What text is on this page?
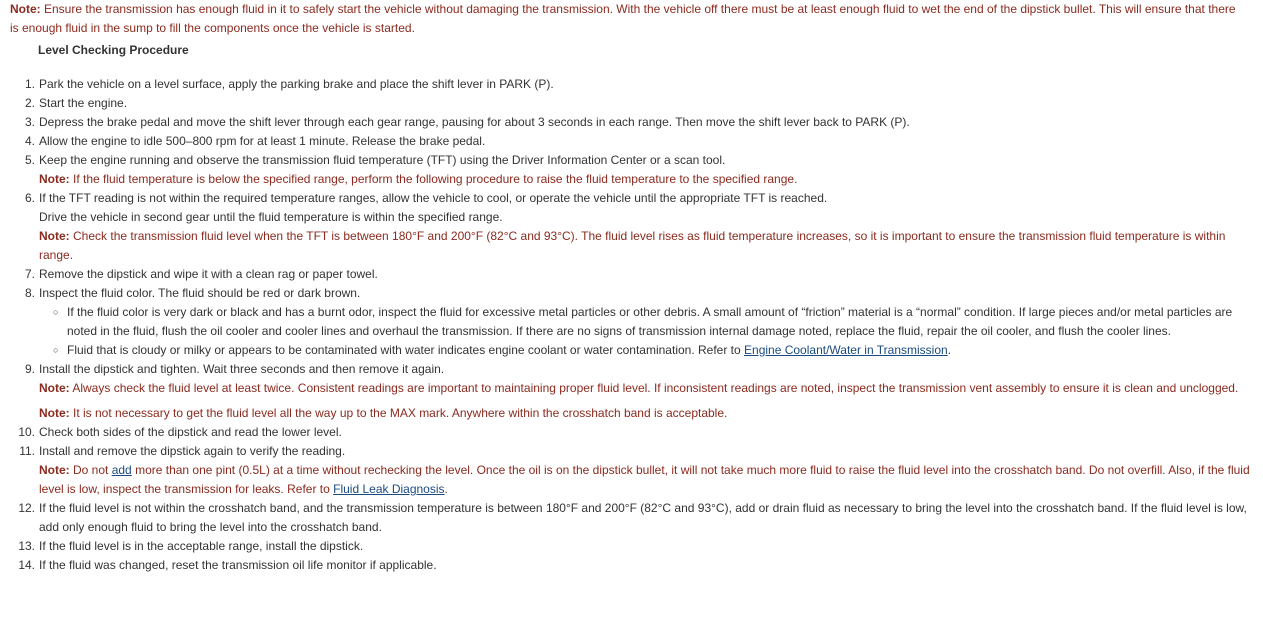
Note: Ensure the transmission has enough fluid in it to safely start the vehicle without damaging the transmission. With the vehicle off there must be at least enough fluid to wet the end of the dipstick bullet. This will ensure that there is enough fluid in the sump to fill the components once the vehicle is started.

Level Checking Procedure
1. Park the vehicle on a level surface, apply the parking brake and place the shift lever in PARK (P).
2. Start the engine.
3. Depress the brake pedal and move the shift lever through each gear range, pausing for about 3 seconds in each range. Then move the shift lever back to PARK (P).
4. Allow the engine to idle 500–800 rpm for at least 1 minute. Release the brake pedal.
5. Keep the engine running and observe the transmission fluid temperature (TFT) using the Driver Information Center or a scan tool.

Note: If the fluid temperature is below the specified range, perform the following procedure to raise the fluid temperature to the specified range.

6. If the TFT reading is not within the required temperature ranges, allow the vehicle to cool, or operate the vehicle until the appropriate TFT is reached.
Drive the vehicle in second gear until the fluid temperature is within the specified range.

Note: Check the transmission fluid level when the TFT is between 180°F and 200°F (82°C and 93°C). The fluid level rises as fluid temperature increases, so it is important to ensure the transmission fluid temperature is within range.

7. Remove the dipstick and wipe it with a clean rag or paper towel.
8. Inspect the fluid color. The fluid should be red or dark brown.
○ If the fluid color is very dark or black and has a burnt odor, inspect the fluid for excessive metal particles or other debris. A small amount of “friction” material is a “normal” condition. If large pieces and/or metal particles are noted in the fluid, flush the oil cooler and cooler lines and overhaul the transmission. If there are no signs of transmission internal damage noted, replace the fluid, repair the oil cooler, and flush the cooler lines.
○ Fluid that is cloudy or milky or appears to be contaminated with water indicates engine coolant or water contamination. Refer to Engine Coolant/Water in Transmission.
9. Install the dipstick and tighten. Wait three seconds and then remove it again.

Note: Always check the fluid level at least twice. Consistent readings are important to maintaining proper fluid level. If inconsistent readings are noted, inspect the transmission vent assembly to ensure it is clean and unclogged.

Note: It is not necessary to get the fluid level all the way up to the MAX mark. Anywhere within the crosshatch band is acceptable.

10. Check both sides of the dipstick and read the lower level.
11. Install and remove the dipstick again to verify the reading.

Note: Do not add more than one pint (0.5L) at a time without rechecking the level. Once the oil is on the dipstick bullet, it will not take much more fluid to raise the fluid level into the crosshatch band. Do not overfill. Also, if the fluid level is low, inspect the transmission for leaks. Refer to Fluid Leak Diagnosis.

12. If the fluid level is not within the crosshatch band, and the transmission temperature is between 180°F and 200°F (82°C and 93°C), add or drain fluid as necessary to bring the level into the crosshatch band. If the fluid level is low, add only enough fluid to bring the level into the crosshatch band.
13. If the fluid level is in the acceptable range, install the dipstick.
14. If the fluid was changed, reset the transmission oil life monitor if applicable.
